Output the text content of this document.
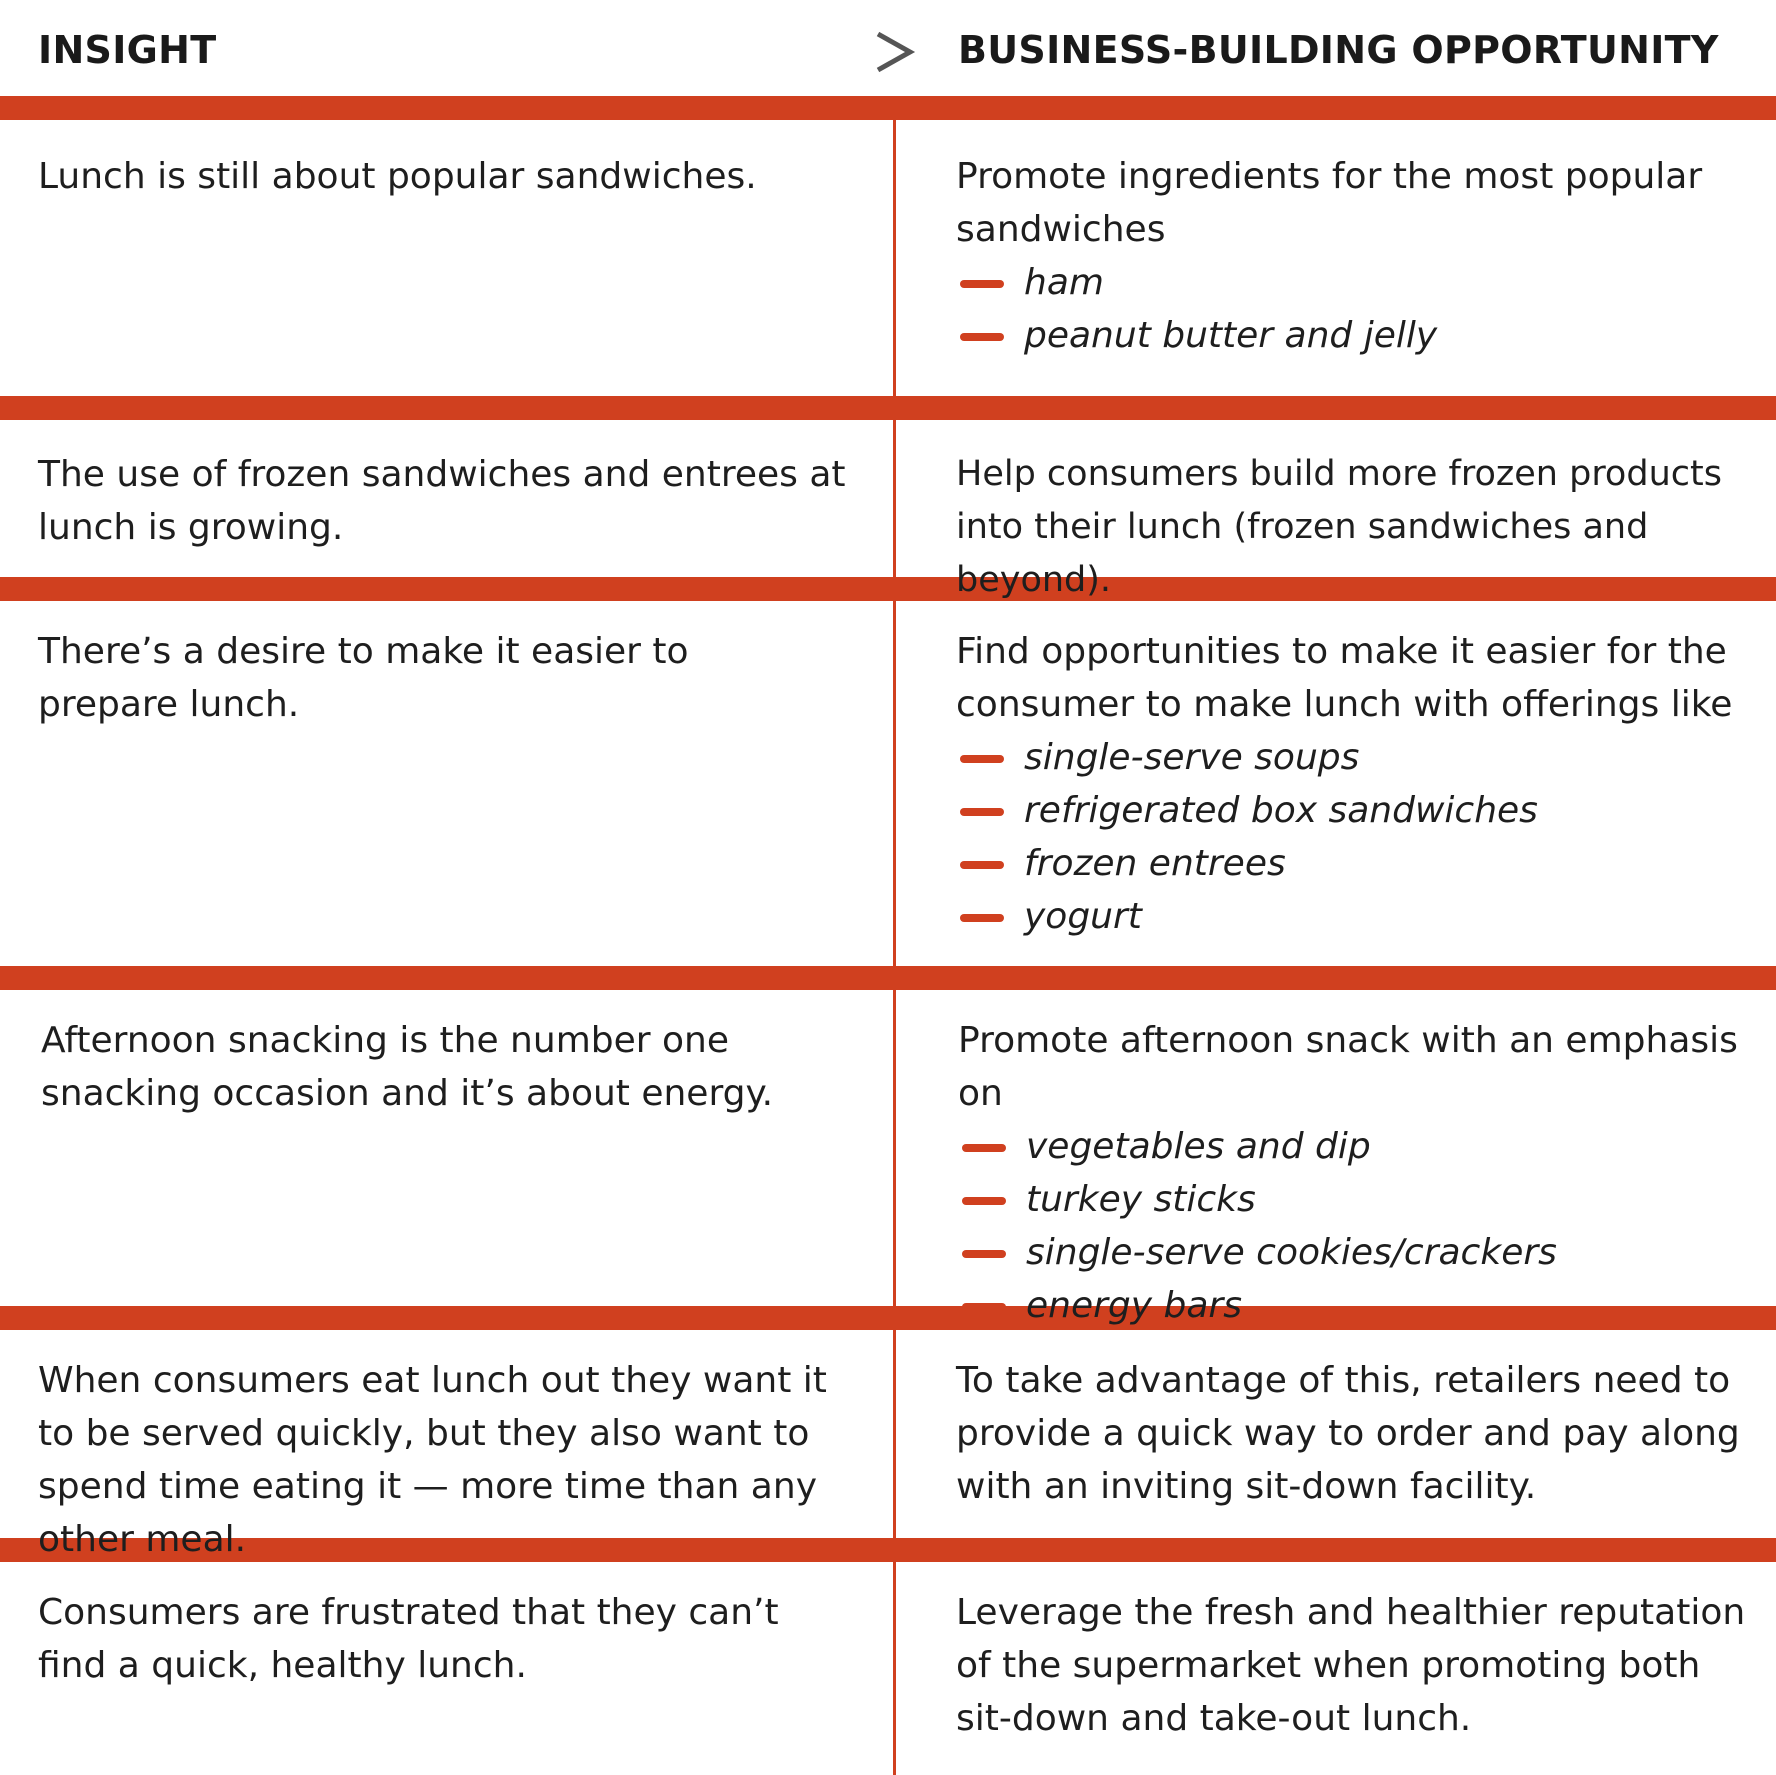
INSIGHT	BUSINESS-BUILDING OPPORTUNITY
Lunch is still about popular sandwiches.	Promote ingredients for the most popular sandwiches
ham
peanut butter and jelly
The use of frozen sandwiches and entrees at lunch is growing.
Help consumers build more frozen products into their lunch (frozen sandwiches and beyond).
There’s a desire to make it easier to prepare lunch.
Find opportunities to make it easier for the consumer to make lunch with offerings like
single-serve soups
refrigerated box sandwiches
frozen entrees
yogurt
Afternoon snacking is the number one snacking occasion and it’s about energy.
Promote afternoon snack with an emphasis on
vegetables and dip
turkey sticks
single-serve cookies/crackers
energy bars
When consumers eat lunch out they want it to be served quickly, but they also want to spend time eating it — more time than any other meal.
To take advantage of this, retailers need to provide a quick way to order and pay along with an inviting sit-down facility.
Consumers are frustrated that they can’t find a quick, healthy lunch.
Leverage the fresh and healthier reputation of the supermarket when promoting both sit-down and take-out lunch.
